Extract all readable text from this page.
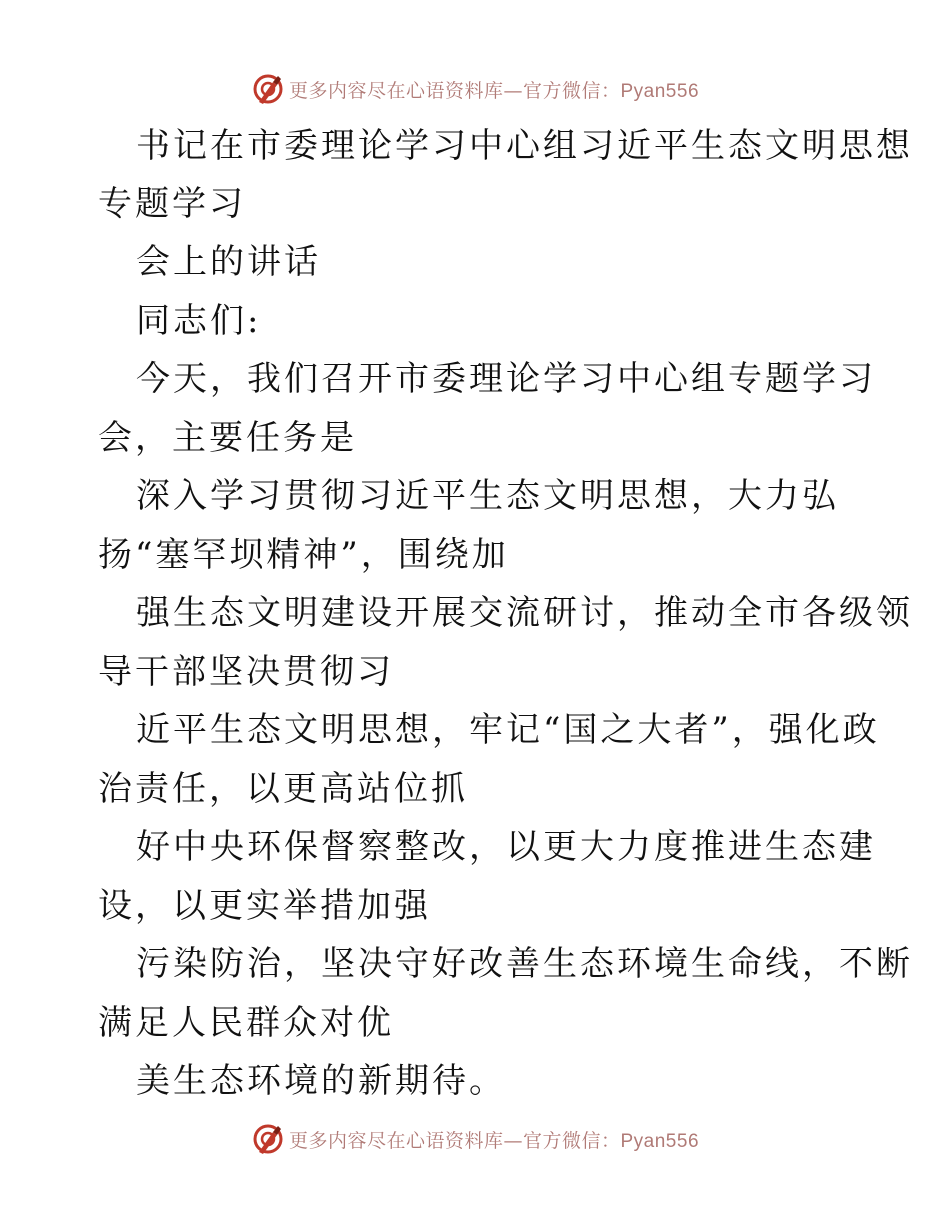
更多内容尽在心语资料库—官方微信：Pyan556
书记在市委理论学习中心组习近平生态文明思想
专题学习
会上的讲话
同志们:
今天，我们召开市委理论学习中心组专题学习
会，主要任务是
深入学习贯彻习近平生态文明思想，大力弘
扬“塞罕坝精神”，围绕加
强生态文明建设开展交流研讨，推动全市各级领
导干部坚决贯彻习
近平生态文明思想，牢记“国之大者”，强化政
治责任，以更高站位抓
好中央环保督察整改，以更大力度推进生态建
设，以更实举措加强
污染防治，坚决守好改善生态环境生命线，不断
满足人民群众对优
美生态环境的新期待。
更多内容尽在心语资料库—官方微信：Pyan556
